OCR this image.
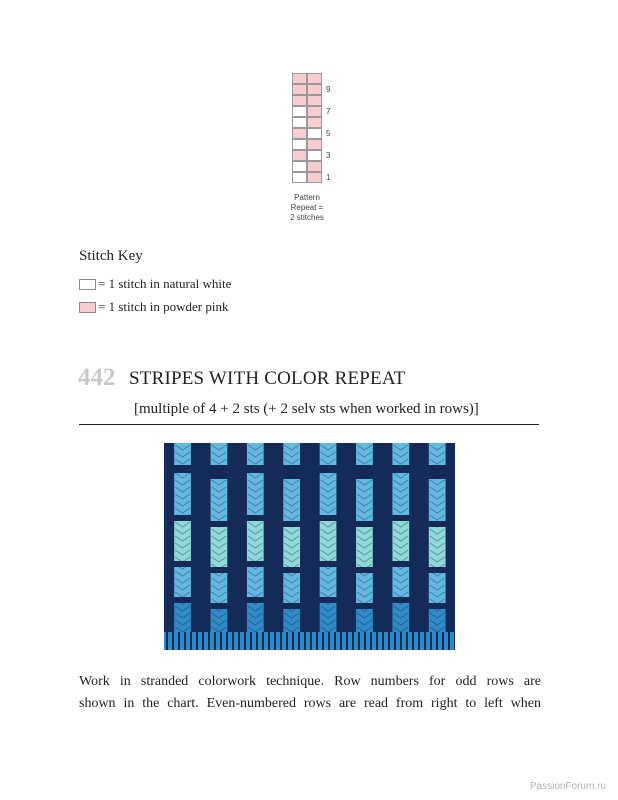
9
7
5
3
1
Pattern
Repeat =
2 stitches
Stitch Key
= 1 stitch in natural white
= 1 stitch in powder pink
442 STRIPES WITH COLOR REPEAT
[multiple of 4 + 2 sts (+ 2 selv sts when worked in rows)]
Work in stranded colorwork technique. Row numbers for odd rows are
shown in the chart. Even-numbered rows are read from right to left when
PassionForum.ru
